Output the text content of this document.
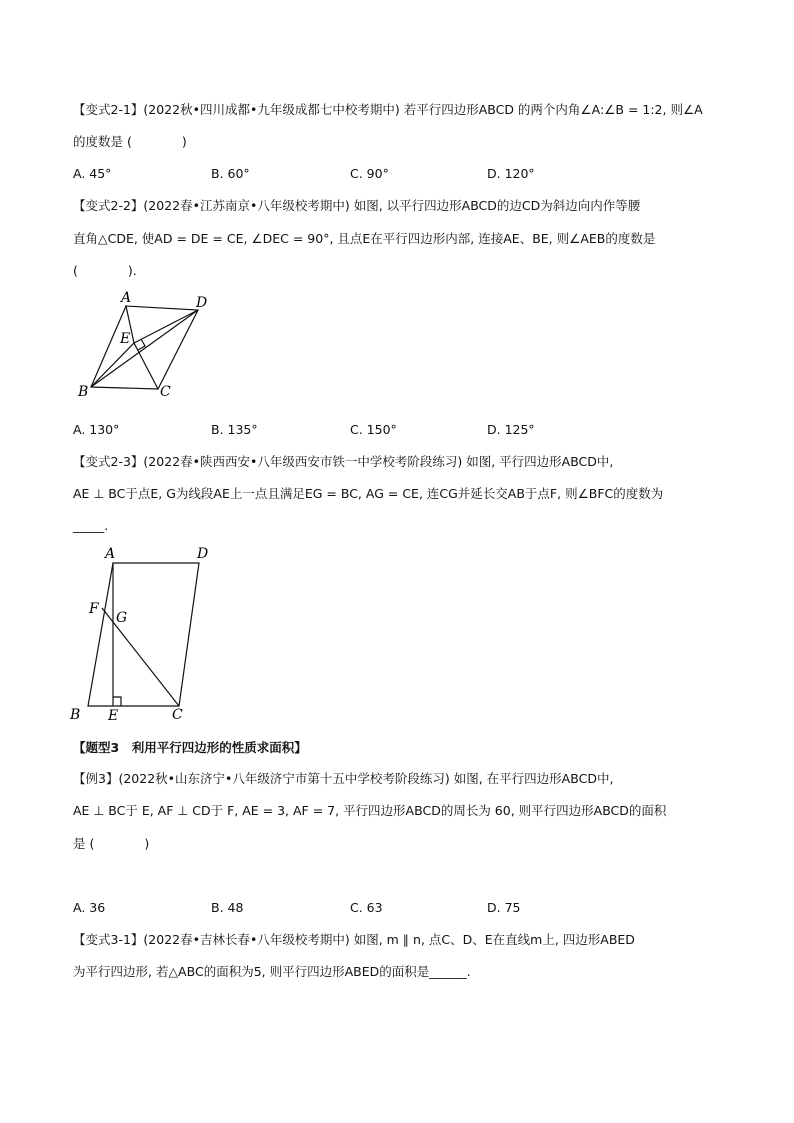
【变式2-1】(2022秋•四川成都•九年级成都七中校考期中) 若平行四边形ABCD 的两个内角∠A:∠B = 1:2, 则∠A
的度数是 (　　　　)
A. 45°	B. 60°	C. 90°	D. 120°
【变式2-2】(2022春•江苏南京•八年级校考期中) 如图, 以平行四边形ABCD的边CD为斜边向内作等腰
直角△CDE, 使AD = DE = CE, ∠DEC = 90°, 且点E在平行四边形内部, 连接AE、BE, 则∠AEB的度数是
(　　　　).
A	D
E
B	C
A. 130°	B. 135°	C. 150°	D. 125°
【变式2-3】(2022春•陕西西安•八年级西安市铁一中学校考阶段练习) 如图, 平行四边形ABCD中,
AE ⊥ BC于点E, G为线段AE上一点且满足EG = BC, AG = CE, 连CG并延长交AB于点F, 则∠BFC的度数为
_____.
A	D
F
G
B E	C
【题型3　利用平行四边形的性质求面积】
【例3】(2022秋•山东济宁•八年级济宁市第十五中学校考阶段练习) 如图, 在平行四边形ABCD中,
AE ⊥ BC于 E, AF ⊥ CD于 F, AE = 3, AF = 7, 平行四边形ABCD的周长为 60, 则平行四边形ABCD的面积
是 (　　　　)
A. 36	B. 48	C. 63	D. 75
【变式3-1】(2022春•吉林长春•八年级校考期中) 如图, m ∥ n, 点C、D、E在直线m上, 四边形ABED
为平行四边形, 若△ABC的面积为5, 则平行四边形ABED的面积是______.
